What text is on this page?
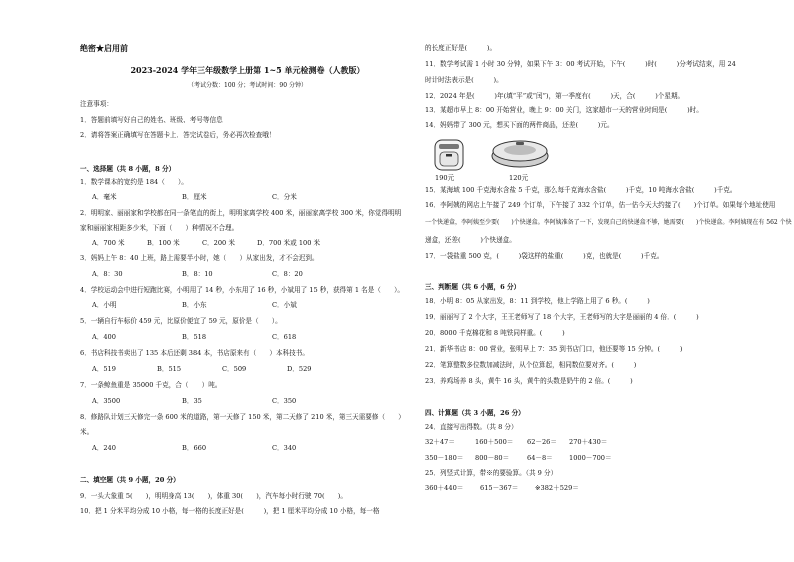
绝密★启用前
2023-2024 学年三年级数学上册第 1~5 单元检测卷（人教版）
（考试分数：100 分；考试时间：90 分钟）
注意事项：
1．答题前填写好自己的姓名、班级、考号等信息
2．请将答案正确填写在答题卡上．答完试卷后，务必再次检查哦！
一、选择题（共 8 小题，8 分）
1．数学课本的宽约是 184（　　）。
A．毫米	B．厘米	C．分米
2．明明家、丽丽家和学校都在同一条笔直的街上，明明家离学校 400 米，丽丽家离学校 300 米，你觉得明明
家和丽丽家相距多少米，下面（　　）种情况不合理。
A．700 米	B．100 米	C．200 米	D．700 米或 100 米
3．妈妈上午 8：40 上班，路上需要半小时，她（　　）从家出发，才不会迟到。
A．8：30	B．8：10	C．8：20
4．学校运动会中进行短跑比赛，小明用了 14 秒，小东用了 16 秒，小斌用了 15 秒，获得第 1 名是（　　）。
A．小明	B．小东	C．小斌
5．一辆自行车标价 459 元，比原价便宜了 59 元，原价是（　　）。
A．400	B．518	C．618
6．书店科技书卖出了 135 本后还剩 384 本，书店原来有（　　）本科技书。
A．519	B．515	C．509	D．529
7．一条鲸鱼重是 35000 千克，合（　　）吨。
A．3500	B．35	C．350
8．修路队计划三天修完一条 600 米的道路，第一天修了 150 米，第二天修了 210 米，第三天需要修（　　）
米。
A．240	B．660	C．340
二、填空题（共 9 小题，20 分）
9．一头大象重 5(　　)，明明身高 13(　　)，体重 30(　　)，汽车每小时行驶 70(　　)。
10．把 1 分米平均分成 10 小格，每一格的长度正好是(　　　)，把 1 厘米平均分成 10 小格，每一格
的长度正好是(　　　)。
11．数学考试需 1 小时 30 分钟，如果下午 3：00 考试开始，下午(　　　)时(　　　)分考试结束，用 24
时计时法表示是(　　　)。
12．2024 年是(　　　)年(填“平”或“闰”)，第一季度有(　　　)天，合(　　　)个星期。
13．某超市早上 8：00 开始营业，晚上 9：00 关门，这家超市一天的营业时间是(　　　)时。
14．妈妈带了 300 元，想买下面的两件商品，还差(　　　)元。
190元	120元
15．某海域 100 千克海水含盐 5 千克，那么每千克海水含盐(　　　)千克，10 吨海水含盐(　　　)千克。
16．李阿姨的网店上午接了 249 个订单，下午接了 332 个订单，估一估今天大约接了(　　)个订单。如果每个地址使用
一个快递盒，李阿姨至少要(　　)个快递盒。李阿姨准备了一下，发现自己的快递盒不够，她需要(　　)个快递盒。李阿姨现在有 562 个快
递盒，还差(　　　)个快递盒。
17．一袋盐重 500 克，(　　　)袋这样的盐重(　　　)克，也就是(　　　)千克。
三、判断题（共 6 小题，6 分）
18．小明 8：05 从家出发，8：11 到学校，他上学路上用了 6 秒。(　　　)
19．丽丽写了 2 个大字，王王老师写了 18 个大字，王老师写的大字是丽丽的 4 倍．(　　　)
20．8000 千克棉花和 8 吨铁同样重。(　　　)
21．新华书店 8：00 营业，张明早上 7：35 到书店门口，他还要等 15 分钟。(　　　)
22．笔算整数多位数加减法时，从个位算起，相同数位要对齐。(　　　)
23．养鸡场养 8 头，黄牛 16 头，黄牛的头数是奶牛的 2 倍。(　　　)
四、计算题（共 3 小题，26 分）
24．直接写出得数。（共 8 分）
32＋47＝	160＋500＝ 62－26＝ 270＋430＝
350－180＝ 800－80＝	64－8＝ 1000－700＝
25．列竖式计算，带※的要验算。（共 9 分）
360＋440＝	615－367＝	※382＋529＝
